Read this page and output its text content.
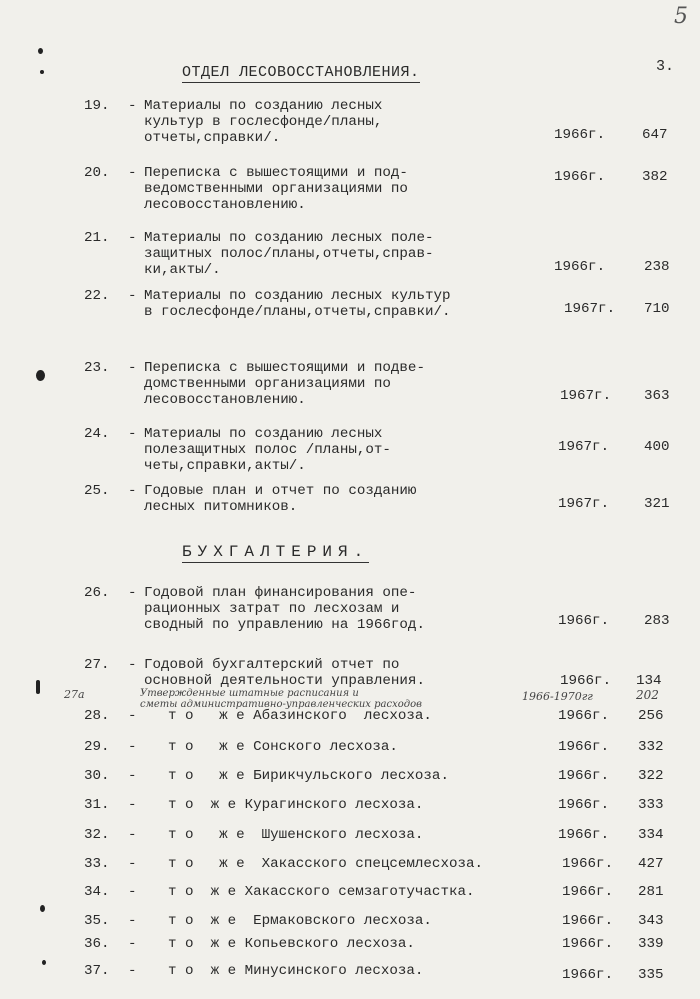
5
3.
ОТДЕЛ ЛЕСОВОССТАНОВЛЕНИЯ.
19. - Материалы по созданию лесных
культур в гослесфонде/планы,
отчеты,справки/.	1966г.	647
20. - Переписка с вышестоящими и под-
ведомственными организациями по
лесовосстановлению.
1966г.	382
21. - Материалы по созданию лесных поле-
защитных полос/планы,отчеты,справ-
ки,акты/.	1966г.	238
22. - Материалы по созданию лесных культур
в гослесфонде/планы,отчеты,справки/.	1967г. 710
23. - Переписка с вышестоящими и подве-
домственными организациями по
лесовосстановлению.	1967г. 363
24. - Материалы по созданию лесных
полезащитных полос /планы,от-
четы,справки,акты/.
1967г. 400
25. - Годовые план и отчет по созданию
лесных питомников.	1967г. 321
БУХГАЛТЕРИЯ.
26. - Годовой план финансирования опе-
рационных затрат по лесхозам и
сводный по управлению на 1966год.	1966г. 283
27. - Годовой бухгалтерский отчет по
основной деятельности управления.	1966г. 134
27а	Утвержденные штатные расписания и
сметы административно-управленческих расходов
1966-1970гг	202
28. - т о   ж е Абазинского  лесхоза.	1966г. 256
29. - т о   ж е Сонского лесхоза.	1966г. 332
30. - т о   ж е Бирикчульского лесхоза.	1966г. 322
31. - т о  ж е Курагинского лесхоза.	1966г. 333
32. - т о   ж е  Шушенского лесхоза.	1966г. 334
33. - т о   ж е  Хакасского спецсемлесхоза.	1966г. 427
34. - т о  ж е Хакасского семзаготучастка.	1966г. 281
35. - т о  ж е  Ермаковского лесхоза.	1966г. 343
36. - т о  ж е Копьевского лесхоза.	1966г. 339
37. - т о  ж е Минусинского лесхоза.	1966г. 335
